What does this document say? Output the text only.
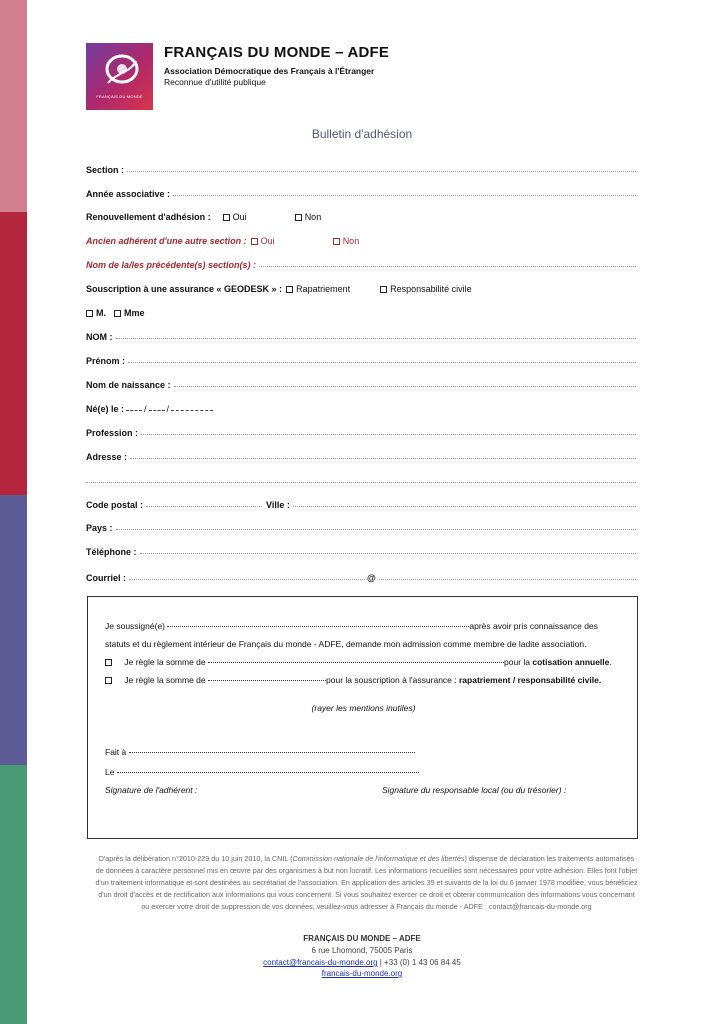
FRANÇAIS DU MONDE
FRANÇAIS DU MONDE – ADFE
Association Démocratique des Français à l'Étranger
Reconnue d'utilité publique
Bulletin d'adhésion
Section :
Année associative :
Renouvellement d'adhésion : Oui	Non
Ancien adhérent d'une autre section : Oui	Non
Nom de la/les précédente(s) section(s) :
Souscription à une assurance « GEODESK » : Rapatriement	Responsabilité civile
M. Mme
NOM :
Prénom :
Nom de naissance :
Né(e) le : / /
Profession :
Adresse :
Code postal :	Ville :
Pays :
Téléphone :
Courriel :	@
Je soussigné(e)	après avoir pris connaissance des
statuts et du règlement intérieur de Français du monde - ADFE, demande mon admission comme membre de ladite association.
Je règle la somme de	pour la cotisation annuelle.
Je règle la somme de	pour la souscription à l'assurance : rapatriement / responsabilité civile.
(rayer les mentions inutiles)
Fait à
Le
Signature de l'adhérent :	Signature du responsable local (ou du trésorier) :
D'après la délibération n°2010-229 du 10 juin 2010, la CNIL (Commission nationale de l'informatique et des libertés) dispense de déclaration les traitements automatisés de données à caractère personnel mis en œuvre par des organismes à but non lucratif. Les informations recueillies sont nécessaires pour votre adhésion. Elles font l'objet d'un traitement informatique et sont destinées au secrétariat de l'association. En application des articles 39 et suivants de la loi du 6 janvier 1978 modifiée, vous bénéficiez d'un droit d'accès et de rectification aux informations qui vous concernent. Si vous souhaitez exercer ce droit et obtenir communication des informations vous concernant ou exercer votre droit de suppression de vos données, veuillez-vous adresser à Français du monde - ADFE : contact@francais-du-monde.org
FRANÇAIS DU MONDE – ADFE
6 rue Lhomond, 75005 Paris
contact@francais-du-monde.org | +33 (0) 1 43 06 84 45
francais-du-monde.org
